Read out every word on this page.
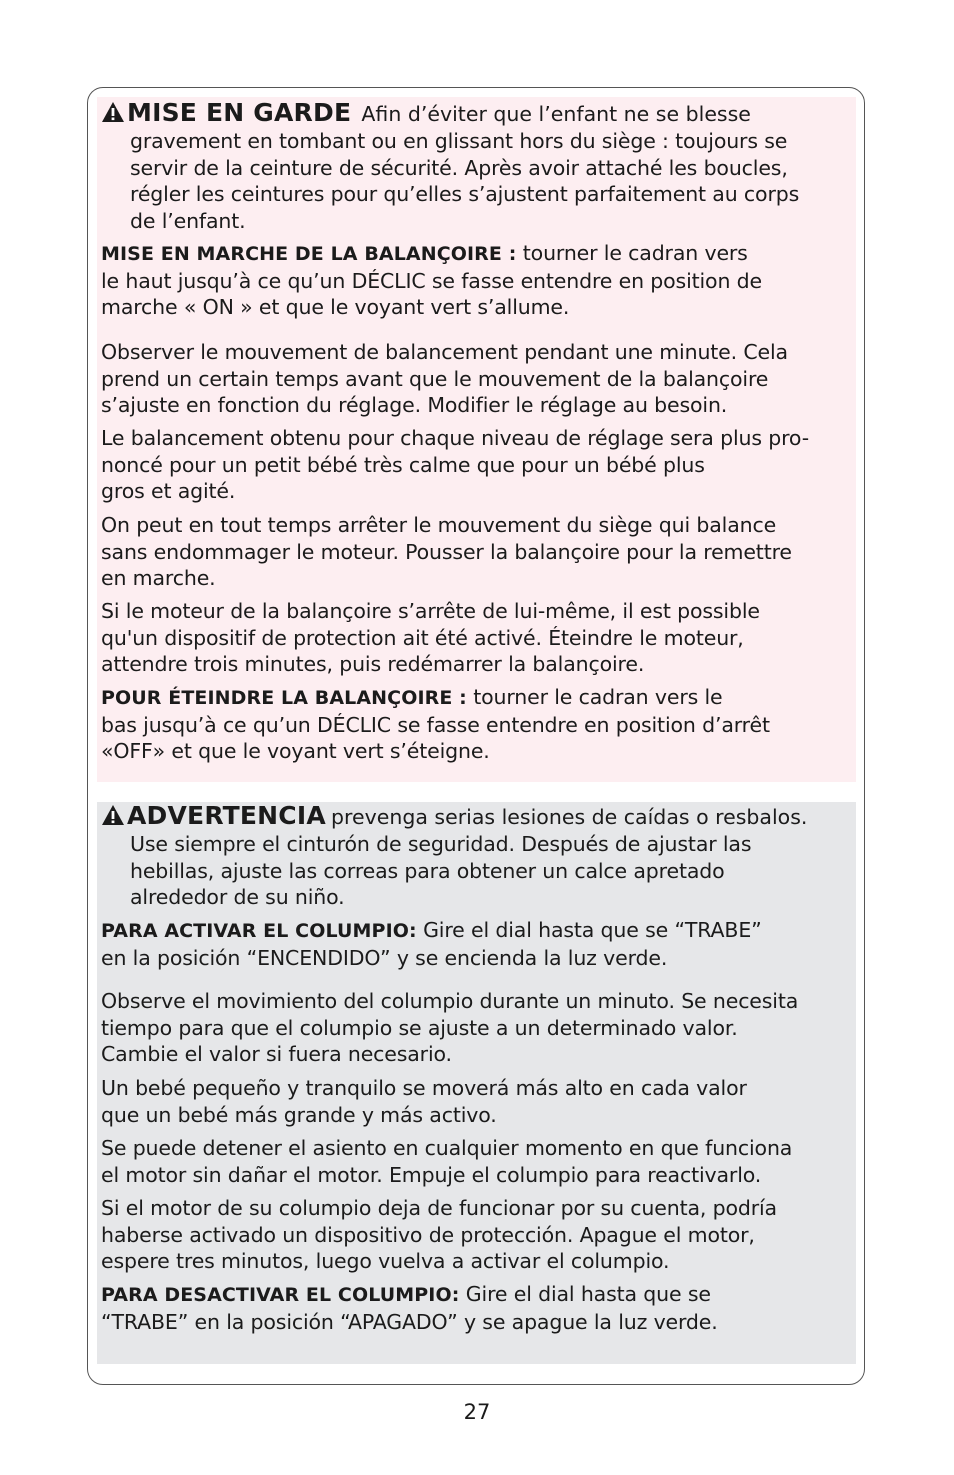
MISE EN GARDE Afin d’éviter que l’enfant ne se blesse
gravement en tombant ou en glissant hors du siège : toujours se
servir de la ceinture de sécurité. Après avoir attaché les boucles,
régler les ceintures pour qu’elles s’ajustent parfaitement au corps
de l’enfant.
MISE EN MARCHE DE LA BALANÇOIRE : tourner le cadran vers
le haut jusqu’à ce qu’un DÉCLIC se fasse entendre en position de
marche « ON » et que le voyant vert s’allume.
Observer le mouvement de balancement pendant une minute. Cela
prend un certain temps avant que le mouvement de la balançoire
s’ajuste en fonction du réglage. Modifier le réglage au besoin.
Le balancement obtenu pour chaque niveau de réglage sera plus pro-
noncé pour un petit bébé très calme que pour un bébé plus
gros et agité.
On peut en tout temps arrêter le mouvement du siège qui balance
sans endommager le moteur. Pousser la balançoire pour la remettre
en marche.
Si le moteur de la balançoire s’arrête de lui-même, il est possible
qu'un dispositif de protection ait été activé. Éteindre le moteur,
attendre trois minutes, puis redémarrer la balançoire.
POUR ÉTEINDRE LA BALANÇOIRE : tourner le cadran vers le
bas jusqu’à ce qu’un DÉCLIC se fasse entendre en position d’arrêt
«OFF» et que le voyant vert s’éteigne.
ADVERTENCIA prevenga serias lesiones de caídas o resbalos.
Use siempre el cinturón de seguridad. Después de ajustar las
hebillas, ajuste las correas para obtener un calce apretado
alrededor de su niño.
PARA ACTIVAR EL COLUMPIO: Gire el dial hasta que se “TRABE”
en la posición “ENCENDIDO” y se encienda la luz verde.
Observe el movimiento del columpio durante un minuto. Se necesita
tiempo para que el columpio se ajuste a un determinado valor.
Cambie el valor si fuera necesario.
Un bebé pequeño y tranquilo se moverá más alto en cada valor
que un bebé más grande y más activo.
Se puede detener el asiento en cualquier momento en que funciona
el motor sin dañar el motor. Empuje el columpio para reactivarlo.
Si el motor de su columpio deja de funcionar por su cuenta, podría
haberse activado un dispositivo de protección. Apague el motor,
espere tres minutos, luego vuelva a activar el columpio.
PARA DESACTIVAR EL COLUMPIO: Gire el dial hasta que se
“TRABE” en la posición “APAGADO” y se apague la luz verde.
27
